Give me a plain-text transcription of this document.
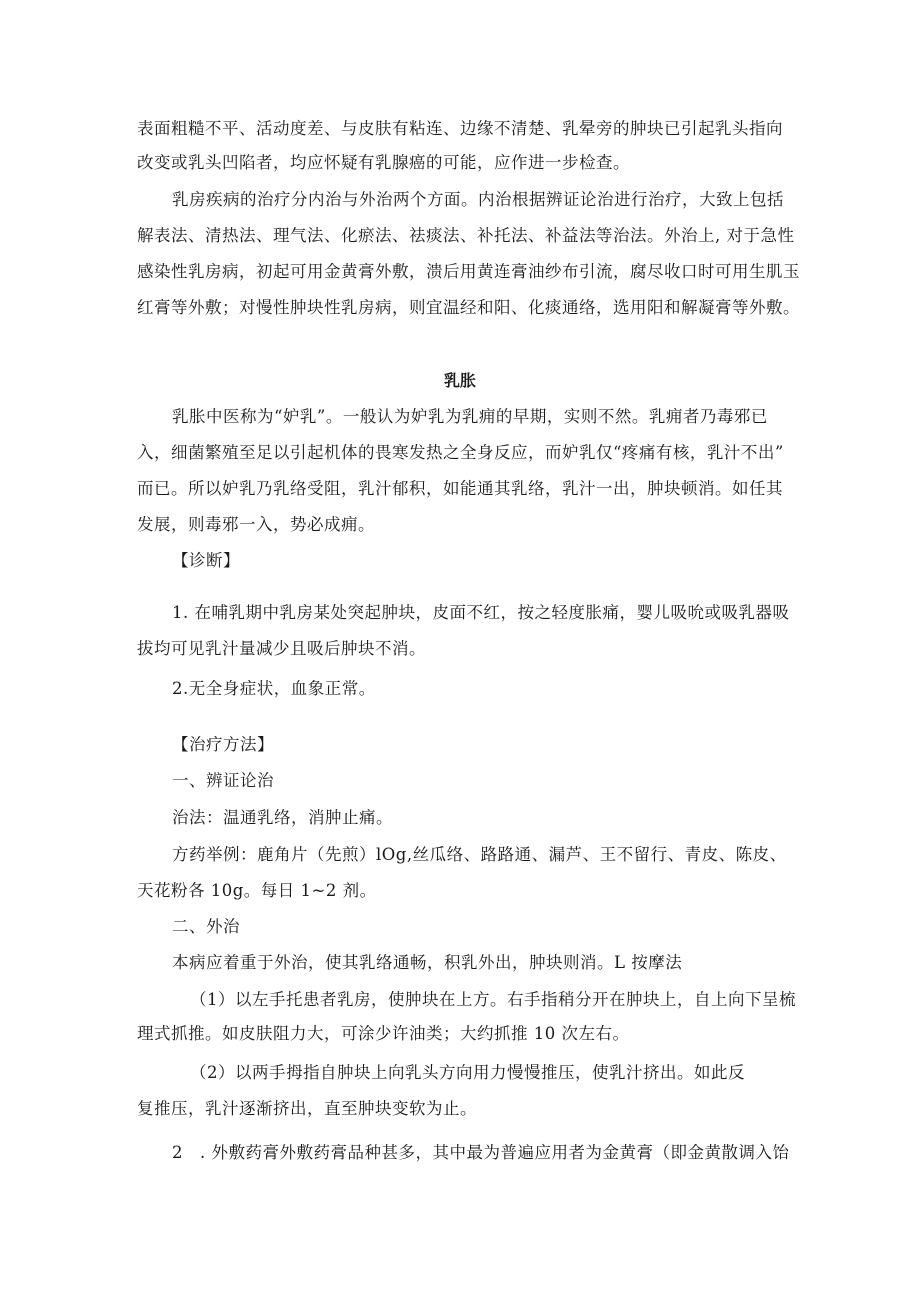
表面粗糙不平、活动度差、与皮肤有粘连、边缘不清楚、乳晕旁的肿块已引起乳头指向
改变或乳头凹陷者，均应怀疑有乳腺癌的可能，应作进一步检查。
乳房疾病的治疗分内治与外治两个方面。内治根据辨证论治进行治疗，大致上包括
解表法、清热法、理气法、化瘀法、祛痰法、补托法、补益法等治法。外治上, 对于急性
感染性乳房病，初起可用金黄膏外敷，溃后用黄连膏油纱布引流，腐尽收口时可用生肌玉
红膏等外敷；对慢性肿块性乳房病，则宜温经和阳、化痰通络，选用阳和解凝膏等外敷。
乳胀
乳胀中医称为“妒乳”。一般认为妒乳为乳痈的早期，实则不然。乳痈者乃毒邪已
入，细菌繁殖至足以引起机体的畏寒发热之全身反应，而妒乳仅“疼痛有核，乳汁不出”
而已。所以妒乳乃乳络受阻，乳汁郁积，如能通其乳络，乳汁一出，肿块顿消。如任其
发展，则毒邪一入，势必成痈。
【诊断】
1. 在哺乳期中乳房某处突起肿块，皮面不红，按之轻度胀痛，婴儿吸吮或吸乳器吸
拔均可见乳汁量减少且吸后肿块不消。
2.无全身症状，血象正常。
【治疗方法】
一、辨证论治
治法：温通乳络，消肿止痛。
方药举例：鹿角片（先煎）lOg,丝瓜络、路路通、漏芦、王不留行、青皮、陈皮、
天花粉各 10g。每日 1~2 剂。
二、外治
本病应着重于外治，使其乳络通畅，积乳外出，肿块则消。L 按摩法
（1）以左手托患者乳房，使肿块在上方。右手指稍分开在肿块上，自上向下呈梳
理式抓推。如皮肤阻力大，可涂少许油类；大约抓推 10 次左右。
（2）以两手拇指自肿块上向乳头方向用力慢慢推压，使乳汁挤出。如此反
复推压，乳汁逐渐挤出，直至肿块变软为止。
2　. 外敷药膏外敷药膏品种甚多，其中最为普遍应用者为金黄膏（即金黄散调入饴
